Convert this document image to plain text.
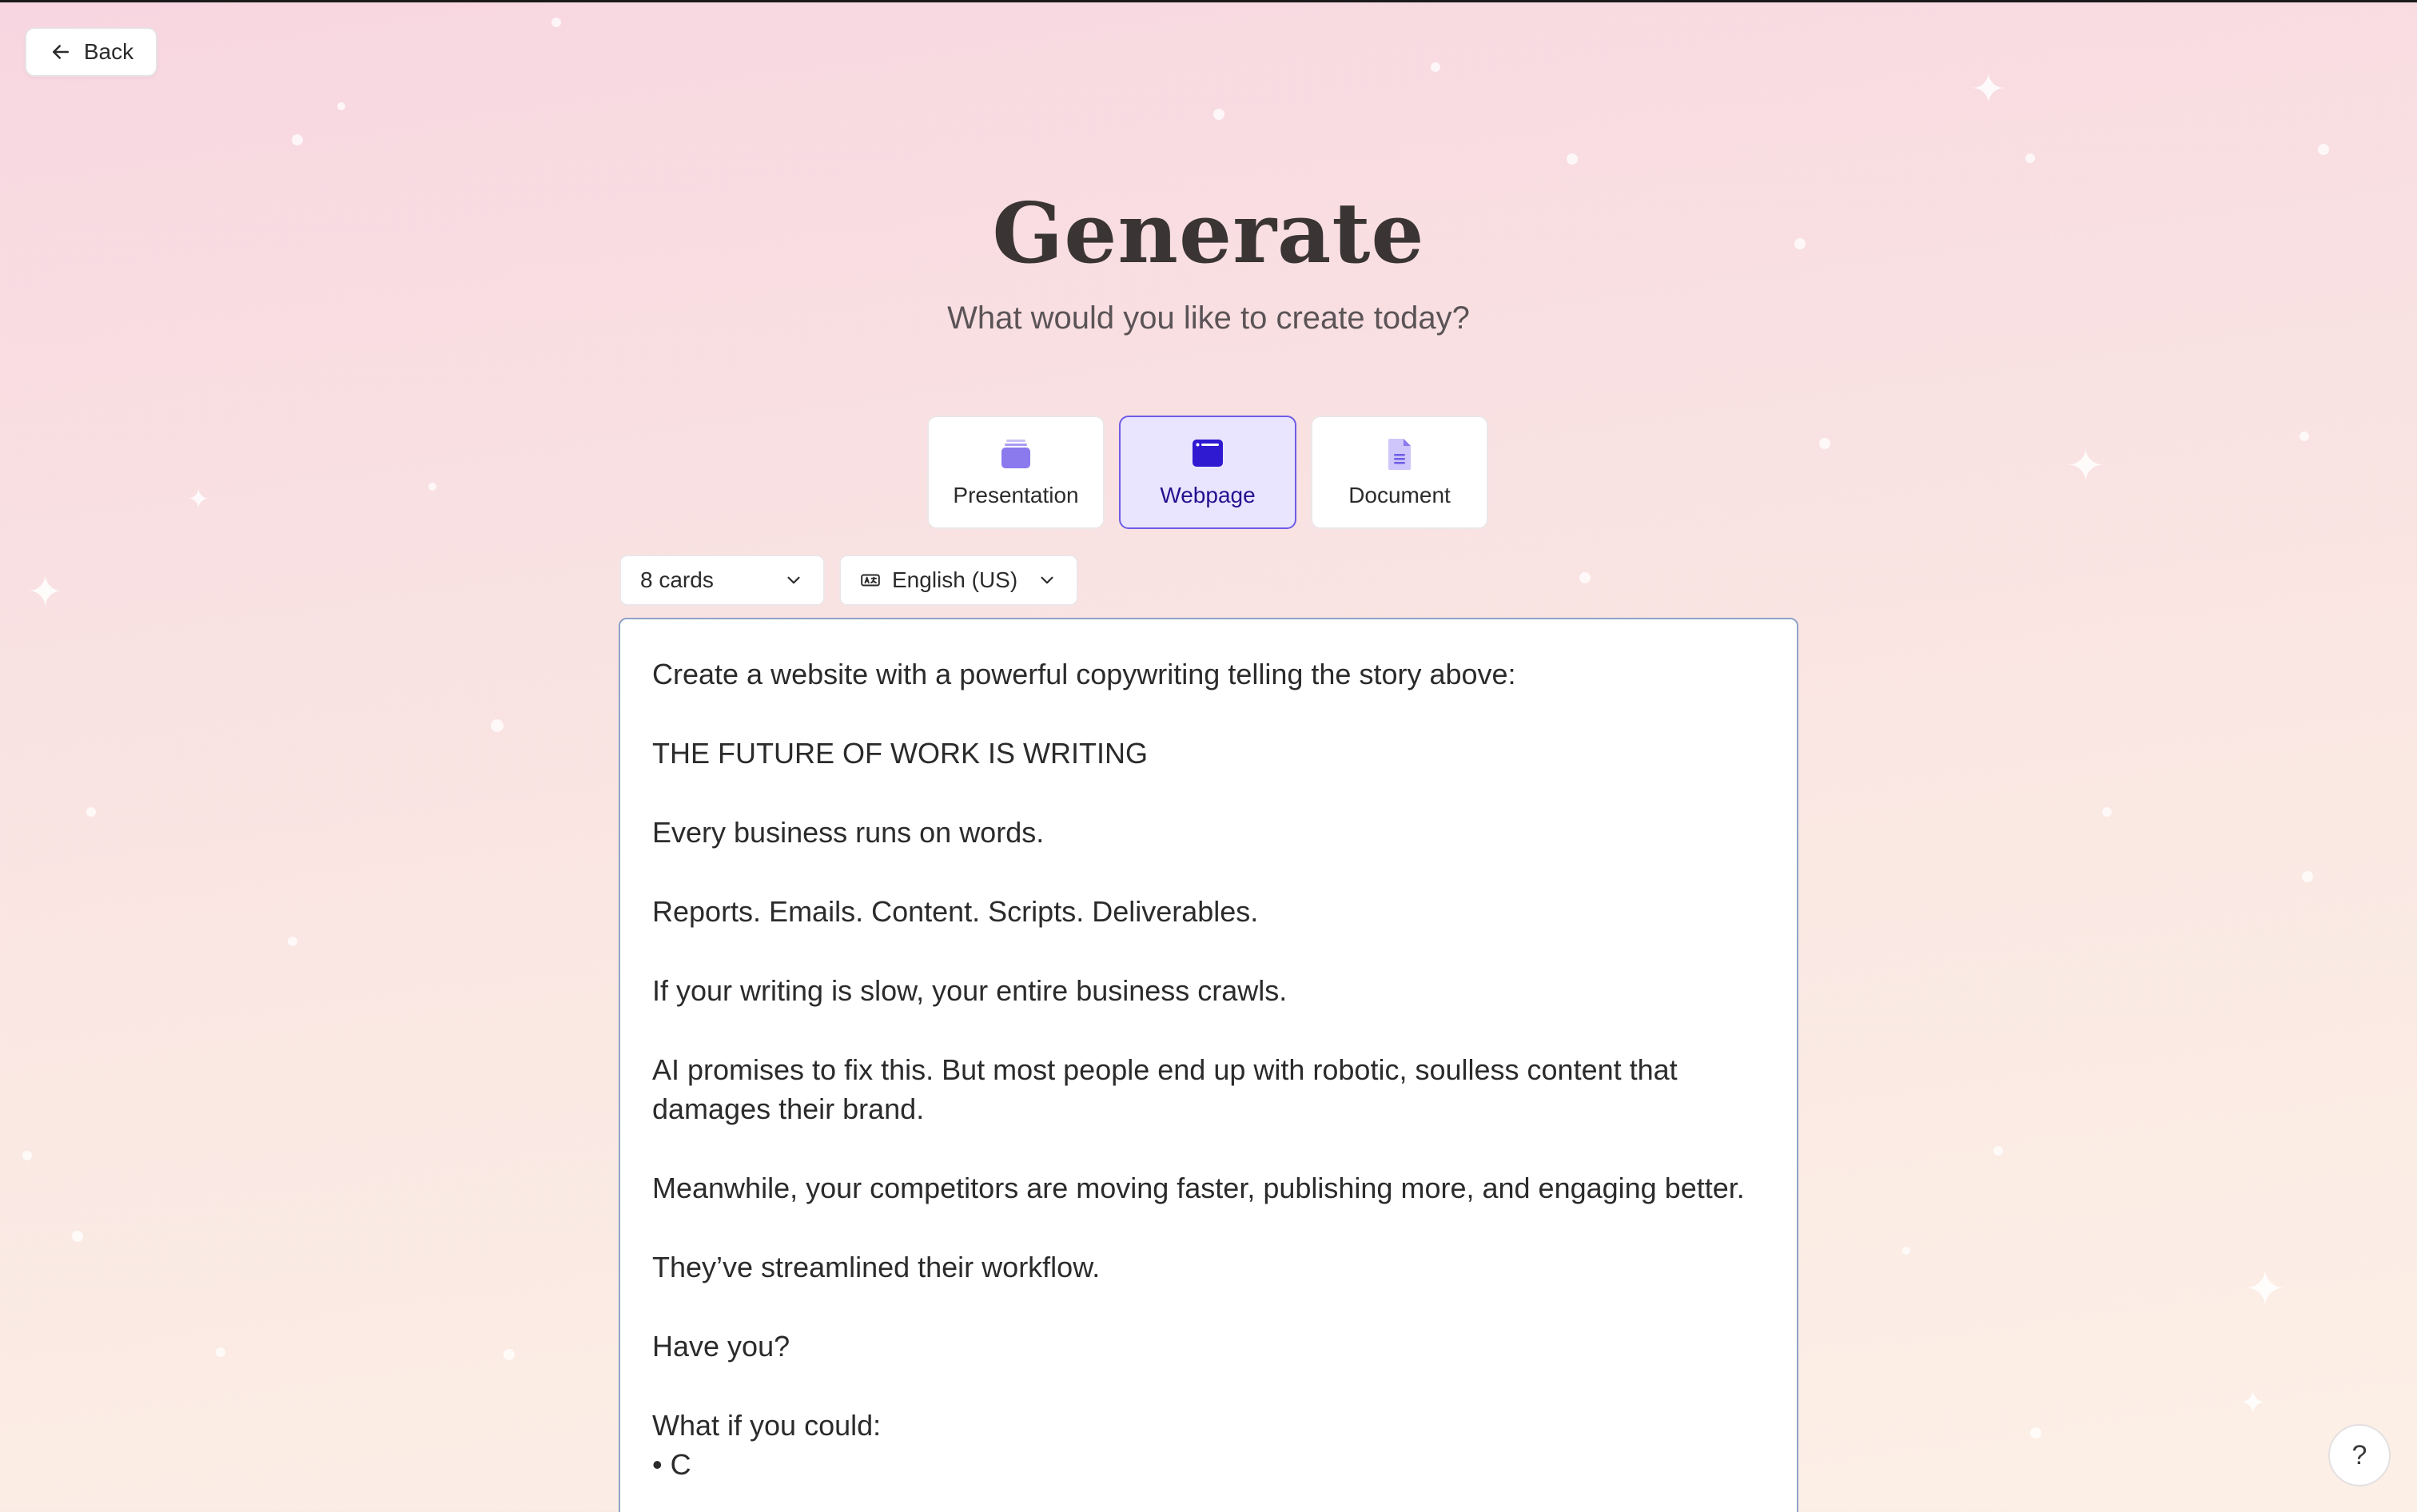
✦
✦
✦
✦
✦
✦
Back
Generate
What would you like to create today?
Presentation	Webpage	Document
8 cards	English (US)

Create a website with a powerful copywriting telling the story above:

THE FUTURE OF WORK IS WRITING

Every business runs on words.

Reports. Emails. Content. Scripts. Deliverables.

If your writing is slow, your entire business crawls.

AI promises to fix this. But most people end up with robotic, soulless content that damages their brand.

Meanwhile, your competitors are moving faster, publishing more, and engaging better.

They’ve streamlined their workflow.

Have you?

What if you could:

• C	?
